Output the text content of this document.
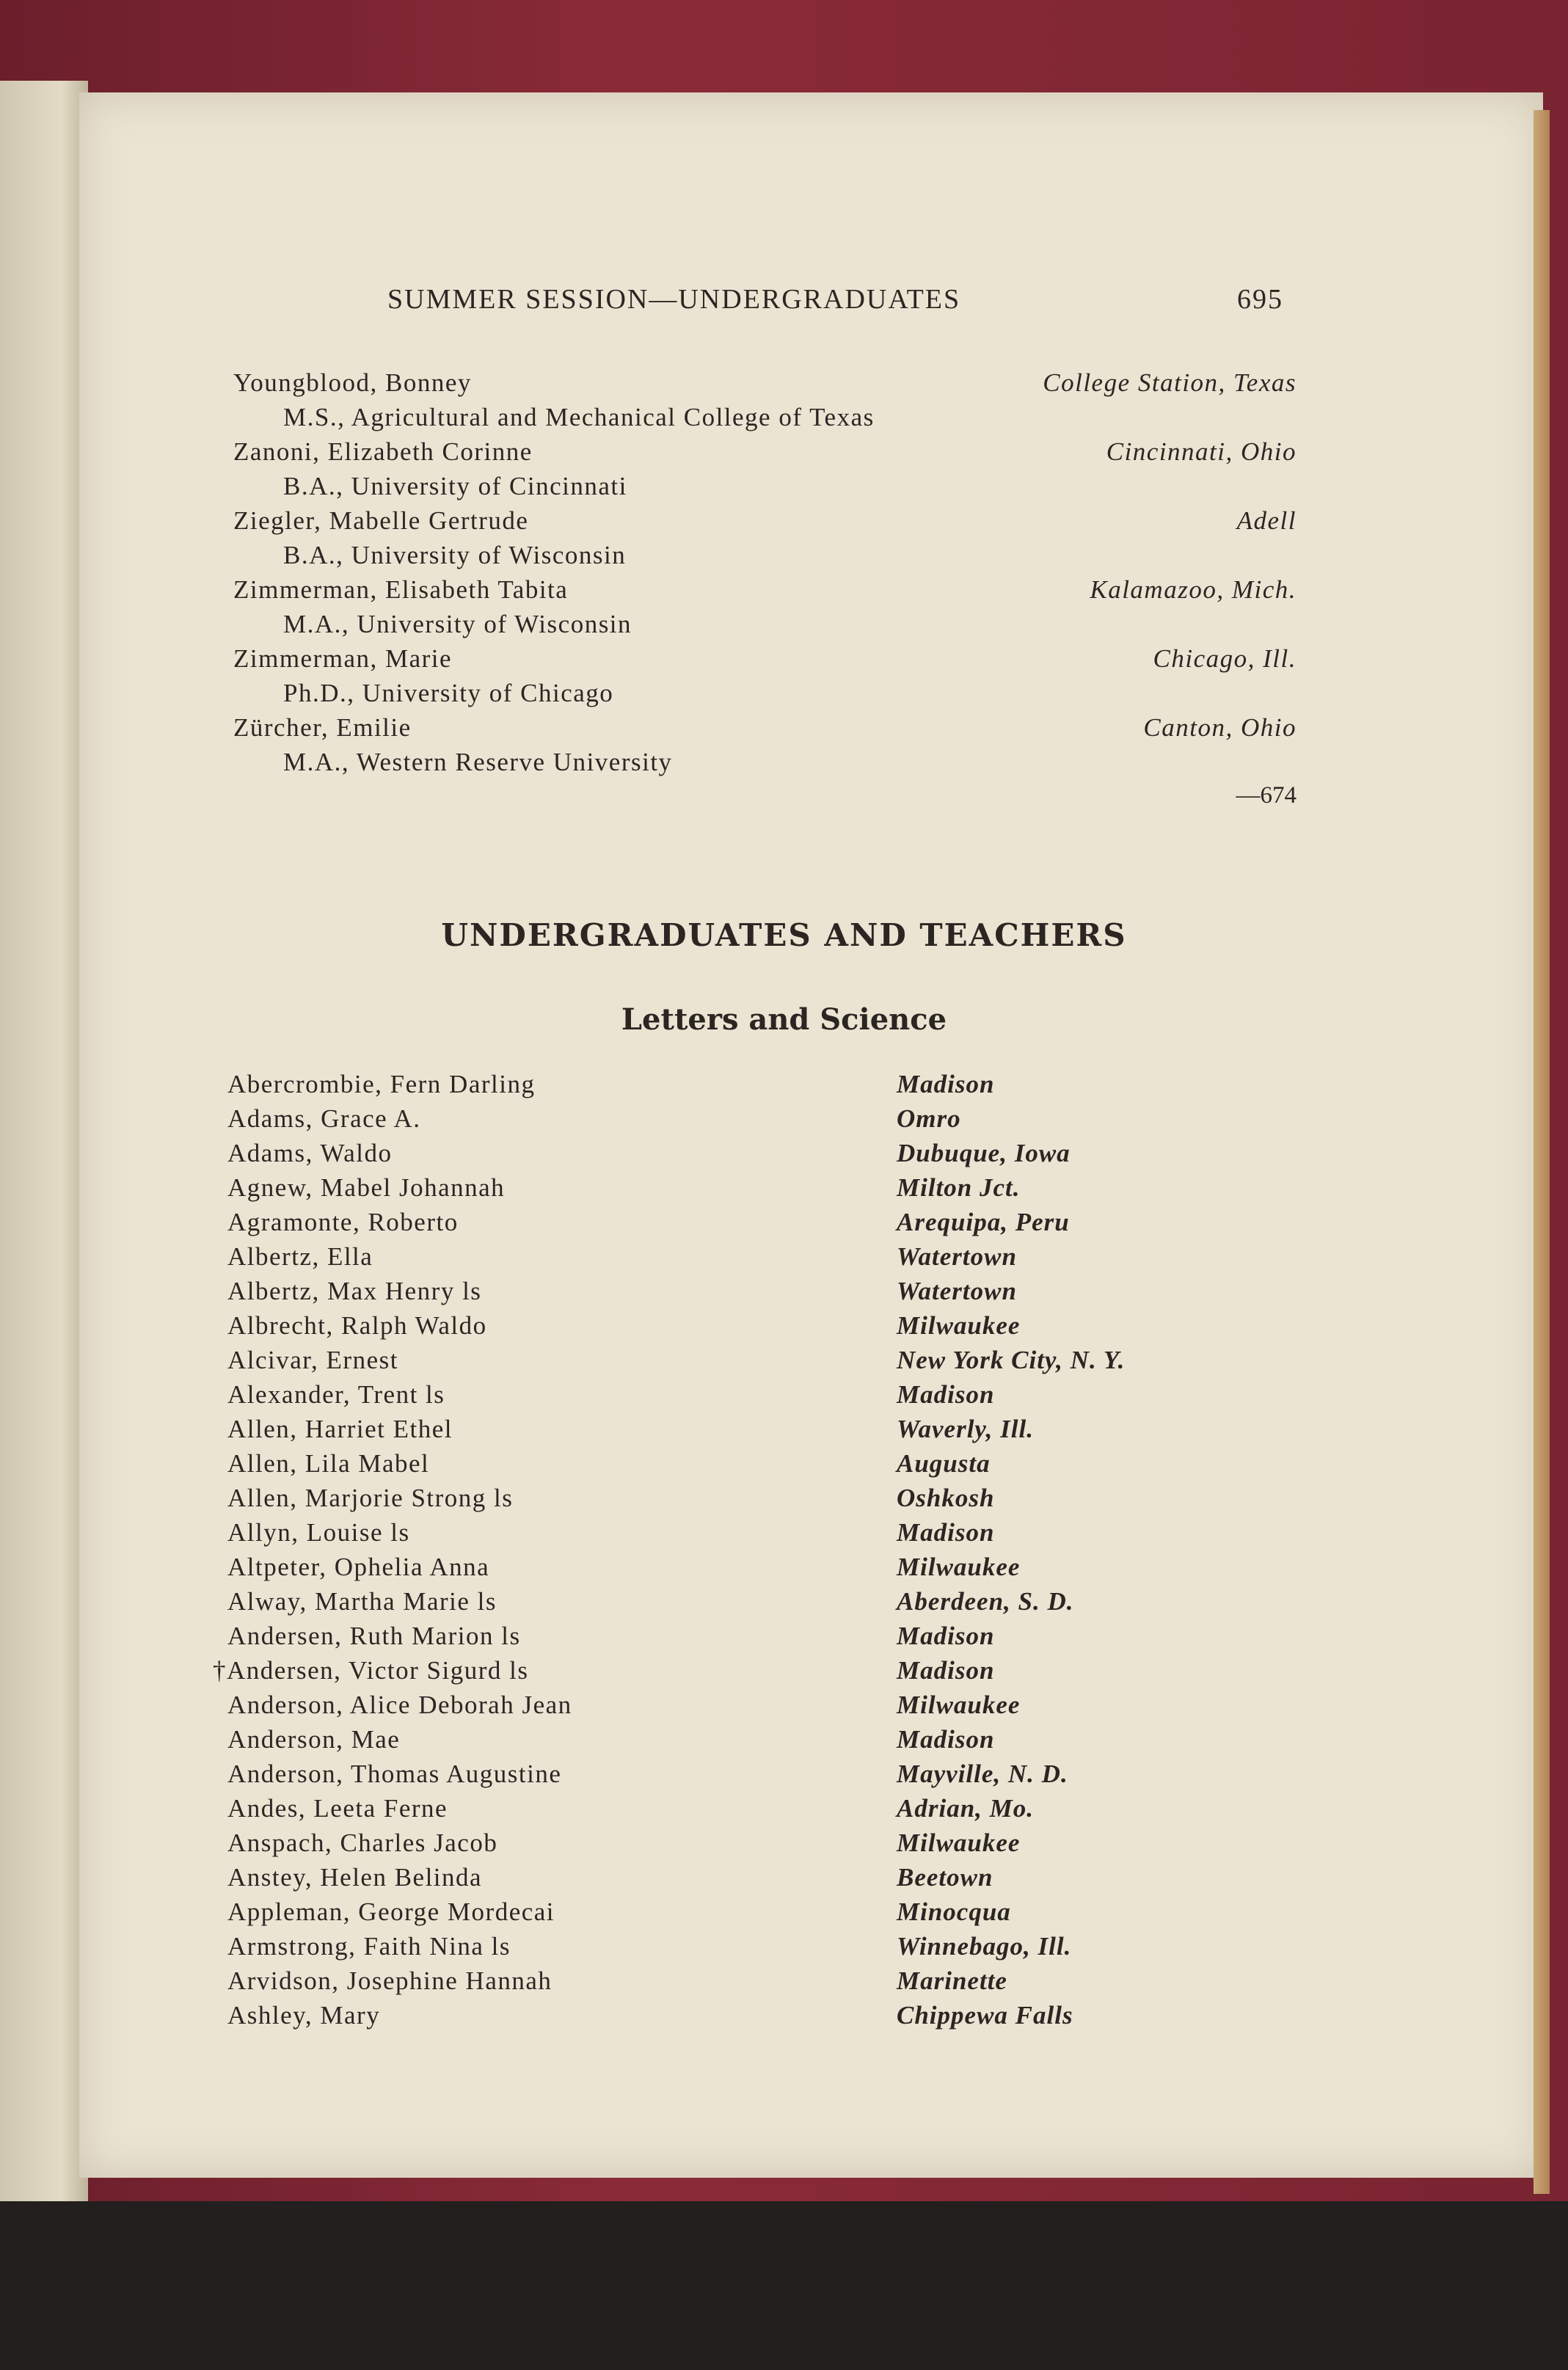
SUMMER SESSION—UNDERGRADUATES	695
Youngblood, Bonney	College Station, Texas
M.S., Agricultural and Mechanical College of Texas
Zanoni, Elizabeth Corinne	Cincinnati, Ohio
B.A., University of Cincinnati
Ziegler, Mabelle Gertrude	Adell
B.A., University of Wisconsin
Zimmerman, Elisabeth Tabita	Kalamazoo, Mich.
M.A., University of Wisconsin
Zimmerman, Marie	Chicago, Ill.
Ph.D., University of Chicago
Zürcher, Emilie	Canton, Ohio
M.A., Western Reserve University
—674
UNDERGRADUATES AND TEACHERS
Letters and Science
Abercrombie, Fern Darling	Madison
Adams, Grace A.	Omro
Adams, Waldo	Dubuque, Iowa
Agnew, Mabel Johannah	Milton Jct.
Agramonte, Roberto	Arequipa, Peru
Albertz, Ella	Watertown
Albertz, Max Henry ls	Watertown
Albrecht, Ralph Waldo	Milwaukee
Alcivar, Ernest	New York City, N. Y.
Alexander, Trent ls	Madison
Allen, Harriet Ethel	Waverly, Ill.
Allen, Lila Mabel	Augusta
Allen, Marjorie Strong ls	Oshkosh
Allyn, Louise ls	Madison
Altpeter, Ophelia Anna	Milwaukee
Alway, Martha Marie ls	Aberdeen, S. D.
Andersen, Ruth Marion ls	Madison
†Andersen, Victor Sigurd ls	Madison
Anderson, Alice Deborah Jean	Milwaukee
Anderson, Mae	Madison
Anderson, Thomas Augustine	Mayville, N. D.
Andes, Leeta Ferne	Adrian, Mo.
Anspach, Charles Jacob	Milwaukee
Anstey, Helen Belinda	Beetown
Appleman, George Mordecai	Minocqua
Armstrong, Faith Nina ls	Winnebago, Ill.
Arvidson, Josephine Hannah	Marinette
Ashley, Mary	Chippewa Falls
